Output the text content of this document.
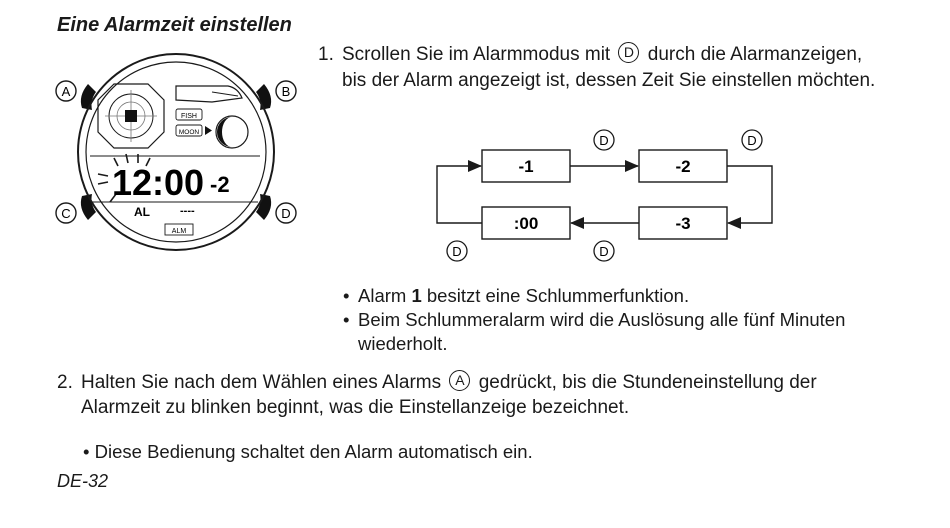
Eine Alarmzeit einstellen
A	B
C	D
FISH
MOON
12:00 -2
AL	----
ALM
1. Scrollen Sie im Alarmmodus mit D durch die Alarmanzeigen, bis der Alarm angezeigt ist, dessen Zeit Sie einstellen möchten.
-1	-2
-3
:00
D	D
D
D
• Alarm 1 besitzt eine Schlummerfunktion.
• Beim Schlummeralarm wird die Auslösung alle fünf Minuten wiederholt.
2. Halten Sie nach dem Wählen eines Alarms A gedrückt, bis die Stundeneinstellung der Alarmzeit zu blinken beginnt, was die Einstellanzeige bezeichnet.
• Diese Bedienung schaltet den Alarm automatisch ein.
DE-32
